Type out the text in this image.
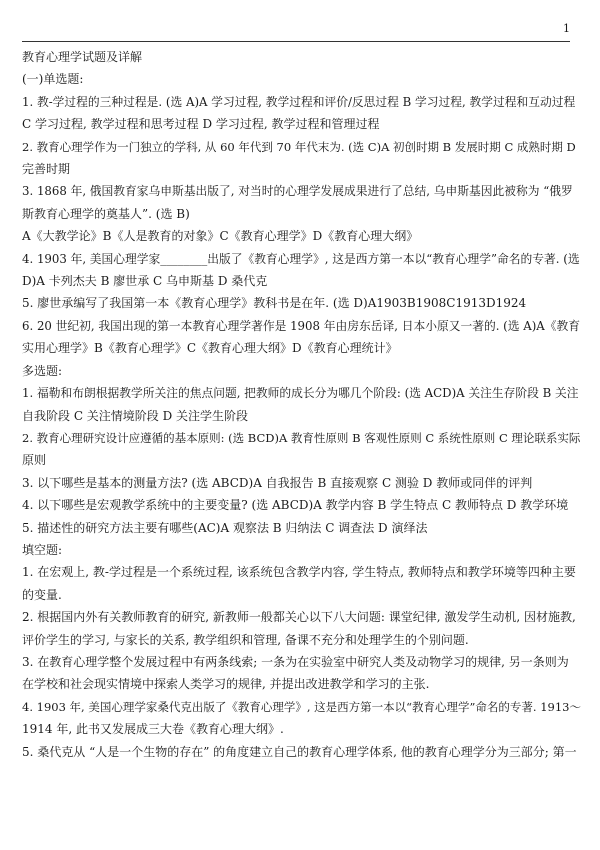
1
教育心理学试题及详解
(一)单选题:
1. 教-学过程的三种过程是. (选 A)A 学习过程, 教学过程和评价/反思过程 B 学习过程, 教学过程和互动过程
C 学习过程, 教学过程和思考过程 D 学习过程, 教学过程和管理过程
2. 教育心理学作为一门独立的学科, 从 60 年代到 70 年代末为. (选 C)A 初创时期 B 发展时期 C 成熟时期 D
完善时期
3. 1868 年, 俄国教育家乌申斯基出版了, 对当时的心理学发展成果进行了总结, 乌申斯基因此被称为 “俄罗
斯教育心理学的奠基人”. (选 B)
A《大教学论》B《人是教育的对象》C《教育心理学》D《教育心理大纲》
4. 1903 年, 美国心理学家________出版了《教育心理学》, 这是西方第一本以“教育心理学”命名的专著. (选
D)A 卡列杰夫 B 廖世承 C 乌申斯基 D 桑代克
5. 廖世承编写了我国第一本《教育心理学》教科书是在年. (选 D)A1903B1908C1913D1924
6. 20 世纪初, 我国出现的第一本教育心理学著作是 1908 年由房东岳译, 日本小原又一著的. (选 A)A《教育
实用心理学》B《教育心理学》C《教育心理大纲》D《教育心理统计》
多选题:
1. 福勒和布朗根据教学所关注的焦点问题, 把教师的成长分为哪几个阶段: (选 ACD)A 关注生存阶段 B 关注
自我阶段 C 关注情境阶段 D 关注学生阶段
2. 教育心理研究设计应遵循的基本原则: (选 BCD)A 教育性原则 B 客观性原则 C 系统性原则 C 理论联系实际
原则
3. 以下哪些是基本的测量方法? (选 ABCD)A 自我报告 B 直接观察 C 测验 D 教师或同伴的评判
4. 以下哪些是宏观教学系统中的主要变量? (选 ABCD)A 教学内容 B 学生特点 C 教师特点 D 教学环境
5. 描述性的研究方法主要有哪些(AC)A 观察法 B 归纳法 C 调查法 D 演绎法
填空题:
1. 在宏观上, 教-学过程是一个系统过程, 该系统包含教学内容, 学生特点, 教师特点和教学环境等四种主要
的变量.
2. 根据国内外有关教师教育的研究, 新教师一般都关心以下八大问题: 课堂纪律, 激发学生动机, 因材施教,
评价学生的学习, 与家长的关系, 教学组织和管理, 备课不充分和处理学生的个别问题.
3. 在教育心理学整个发展过程中有两条线索; 一条为在实验室中研究人类及动物学习的规律, 另一条则为
在学校和社会现实情境中探索人类学习的规律, 并提出改进教学和学习的主张.
4. 1903 年, 美国心理学家桑代克出版了《教育心理学》, 这是西方第一本以“教育心理学”命名的专著. 1913～
1914 年, 此书又发展成三大卷《教育心理大纲》.
5. 桑代克从 “人是一个生物的存在” 的角度建立自己的教育心理学体系, 他的教育心理学分为三部分; 第一
